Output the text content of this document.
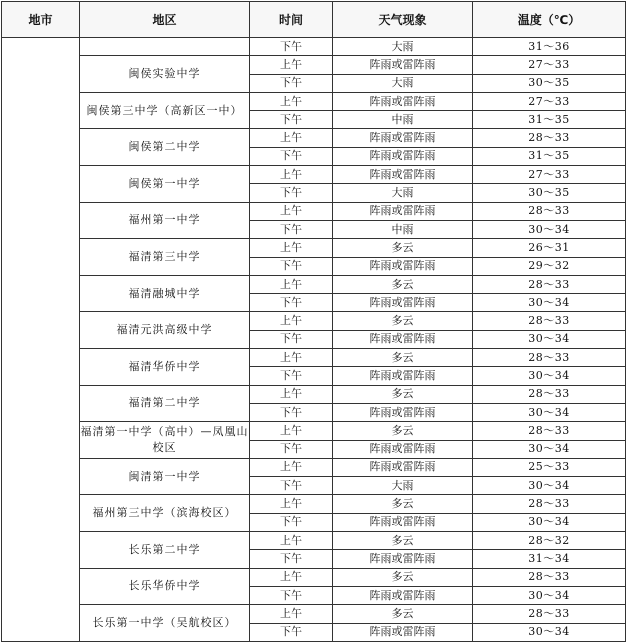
地市	地区	时间	天气现象	温度（℃）
		下午	大雨	31～36
	闽侯实验中学	上午	阵雨或雷阵雨	27～33
		下午	大雨	30～35
	闽侯第三中学（高新区一中）	上午	阵雨或雷阵雨	27～33
		下午	中雨	31～35
	闽侯第二中学	上午	阵雨或雷阵雨	28～33
		下午	阵雨或雷阵雨	31～35
	闽侯第一中学	上午	阵雨或雷阵雨	27～33
		下午	大雨	30～35
	福州第一中学	上午	阵雨或雷阵雨	28～33
		下午	中雨	30～34
	福清第三中学	上午	多云	26～31
		下午	阵雨或雷阵雨	29～32
	福清融城中学	上午	多云	28～33
		下午	阵雨或雷阵雨	30～34
	福清元洪高级中学	上午	多云	28～33
		下午	阵雨或雷阵雨	30～34
	福清华侨中学	上午	多云	28～33
		下午	阵雨或雷阵雨	30～34
	福清第二中学	上午	多云	28～33
		下午	阵雨或雷阵雨	30～34
	福清第一中学（高中）—凤凰山校区	上午	多云	28～33
		下午	阵雨或雷阵雨	30～34
	闽清第一中学	上午	阵雨或雷阵雨	25～33
		下午	大雨	30～34
	福州第三中学（滨海校区）	上午	多云	28～33
		下午	阵雨或雷阵雨	30～34
	长乐第二中学	上午	多云	28～32
		下午	阵雨或雷阵雨	31～34
	长乐华侨中学	上午	多云	28～33
		下午	阵雨或雷阵雨	30～34
	长乐第一中学（吴航校区）	上午	多云	28～33
		下午	阵雨或雷阵雨	30～34
